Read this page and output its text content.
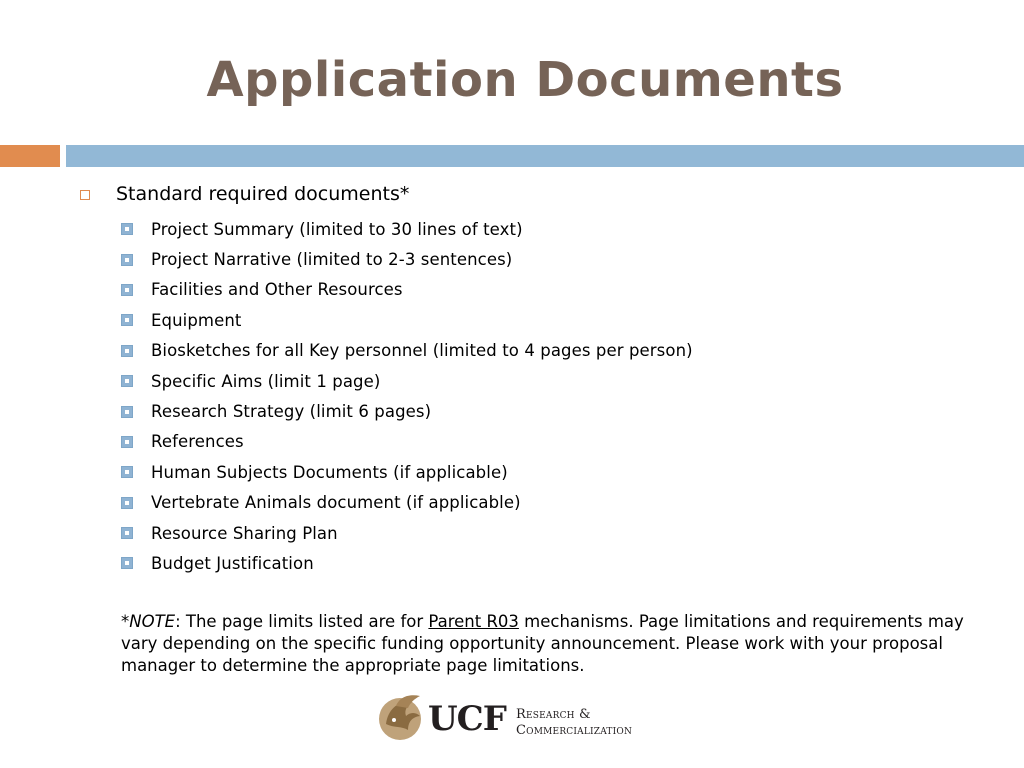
Application Documents
Standard required documents*
Project Summary (limited to 30 lines of text)
Project Narrative (limited to 2-3 sentences)
Facilities and Other Resources
Equipment
Biosketches for all Key personnel (limited to 4 pages per person)
Specific Aims (limit 1 page)
Research Strategy (limit 6 pages)
References
Human Subjects Documents (if applicable)
Vertebrate Animals document (if applicable)
Resource Sharing Plan
Budget Justification
*NOTE: The page limits listed are for Parent R03 mechanisms. Page limitations and requirements may vary depending on the specific funding opportunity announcement. Please work with your proposal manager to determine the appropriate page limitations.
UCF Research &
Commercialization
